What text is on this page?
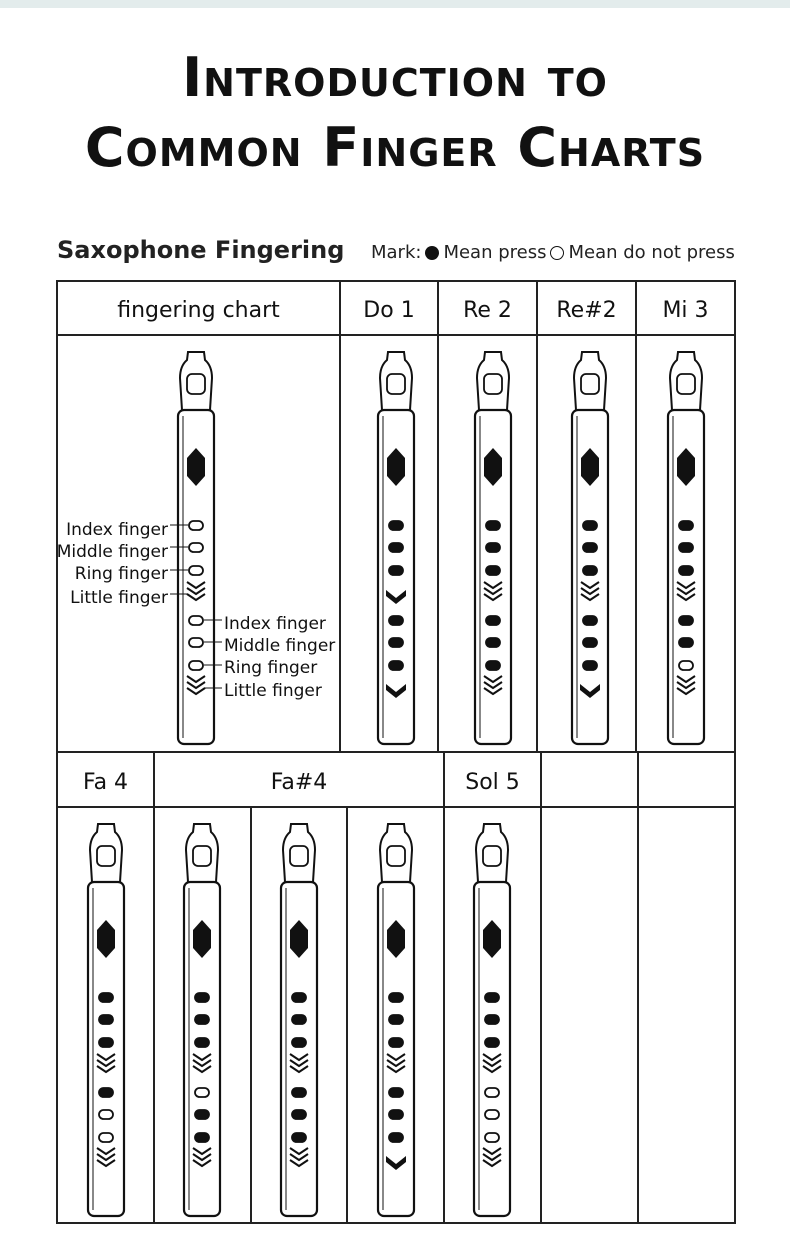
Introduction to
Common Finger Charts
Saxophone Fingering Mark: Mean press Mean do not press
fingering chart	Do 1	Re 2	Re#2	Mi 3
Fa 4	Fa#4	Sol 5
Index finger
Middle finger
Ring finger
Little finger
Index finger
Middle finger
Ring finger
Little finger
